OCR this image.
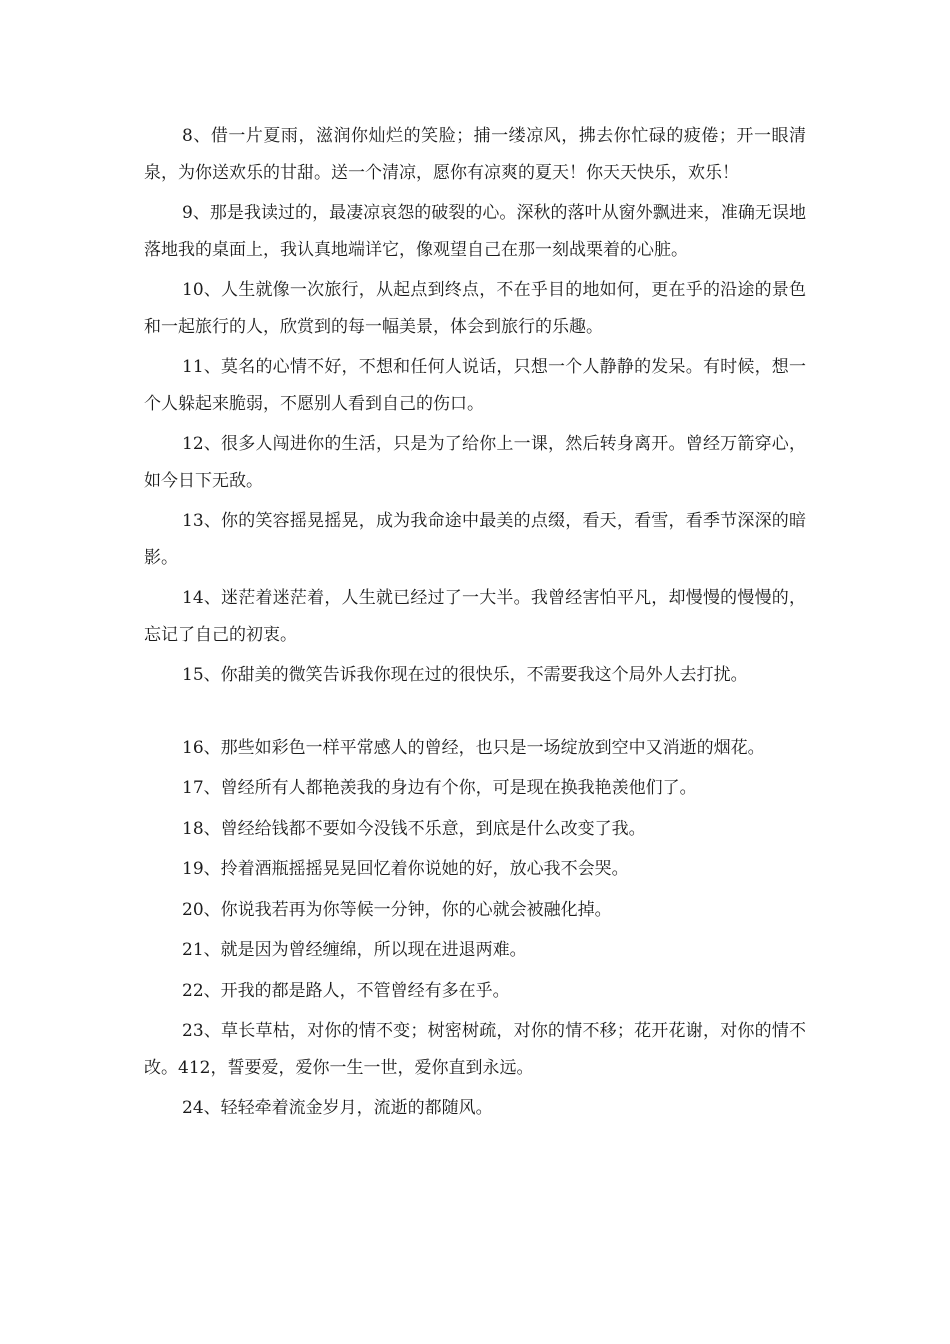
8、借一片夏雨，滋润你灿烂的笑脸；捕一缕凉风，拂去你忙碌的疲倦；开一眼清泉，为你送欢乐的甘甜。送一个清凉，愿你有凉爽的夏天！你天天快乐，欢乐！

9、那是我读过的，最凄凉哀怨的破裂的心。深秋的落叶从窗外飘进来，准确无误地落地我的桌面上，我认真地端详它，像观望自己在那一刻战栗着的心脏。

10、人生就像一次旅行，从起点到终点，不在乎目的地如何，更在乎的沿途的景色和一起旅行的人，欣赏到的每一幅美景，体会到旅行的乐趣。

11、莫名的心情不好，不想和任何人说话，只想一个人静静的发呆。有时候，想一个人躲起来脆弱，不愿别人看到自己的伤口。

12、很多人闯进你的生活，只是为了给你上一课，然后转身离开。曾经万箭穿心，如今日下无敌。

13、你的笑容摇晃摇晃，成为我命途中最美的点缀，看天，看雪，看季节深深的暗影。

14、迷茫着迷茫着，人生就已经过了一大半。我曾经害怕平凡，却慢慢的慢慢的，忘记了自己的初衷。

15、你甜美的微笑告诉我你现在过的很快乐，不需要我这个局外人去打扰。

16、那些如彩色一样平常感人的曾经，也只是一场绽放到空中又消逝的烟花。

17、曾经所有人都艳羡我的身边有个你，可是现在换我艳羡他们了。

18、曾经给钱都不要如今没钱不乐意，到底是什么改变了我。

19、拎着酒瓶摇摇晃晃回忆着你说她的好，放心我不会哭。

20、你说我若再为你等候一分钟，你的心就会被融化掉。

21、就是因为曾经缠绵，所以现在进退两难。

22、开我的都是路人，不管曾经有多在乎。

23、草长草枯，对你的情不变；树密树疏，对你的情不移；花开花谢，对你的情不改。412，誓要爱，爱你一生一世，爱你直到永远。

24、轻轻牵着流金岁月，流逝的都随风。
